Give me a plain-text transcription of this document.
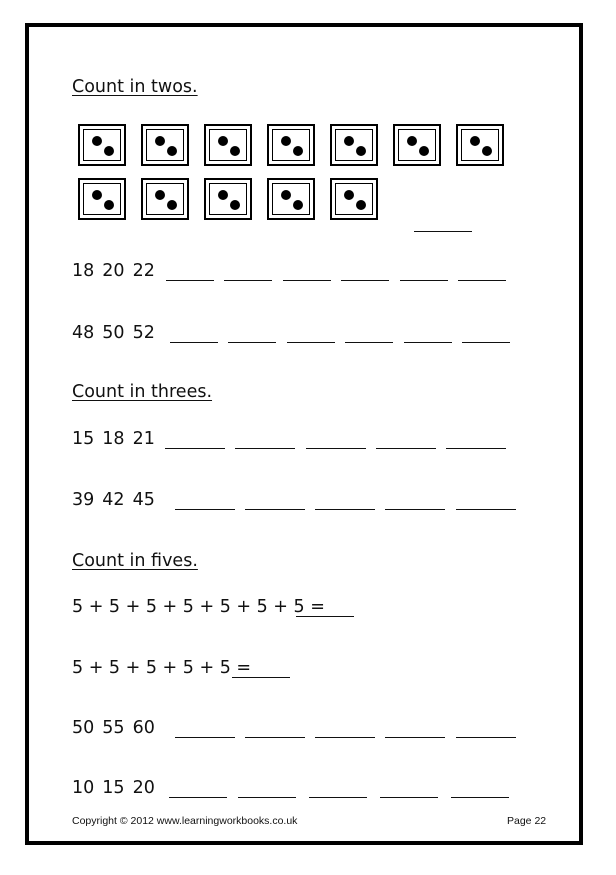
Count in twos.
18 20 22
48 50 52
Count in threes.
15 18 21
39 42 45
Count in fives.
5 + 5 + 5 + 5 + 5 + 5 + 5 =
5 + 5 + 5 + 5 + 5 =
50 55 60
10 15 20
Copyright © 2012 www.learningworkbooks.co.uk	Page 22
